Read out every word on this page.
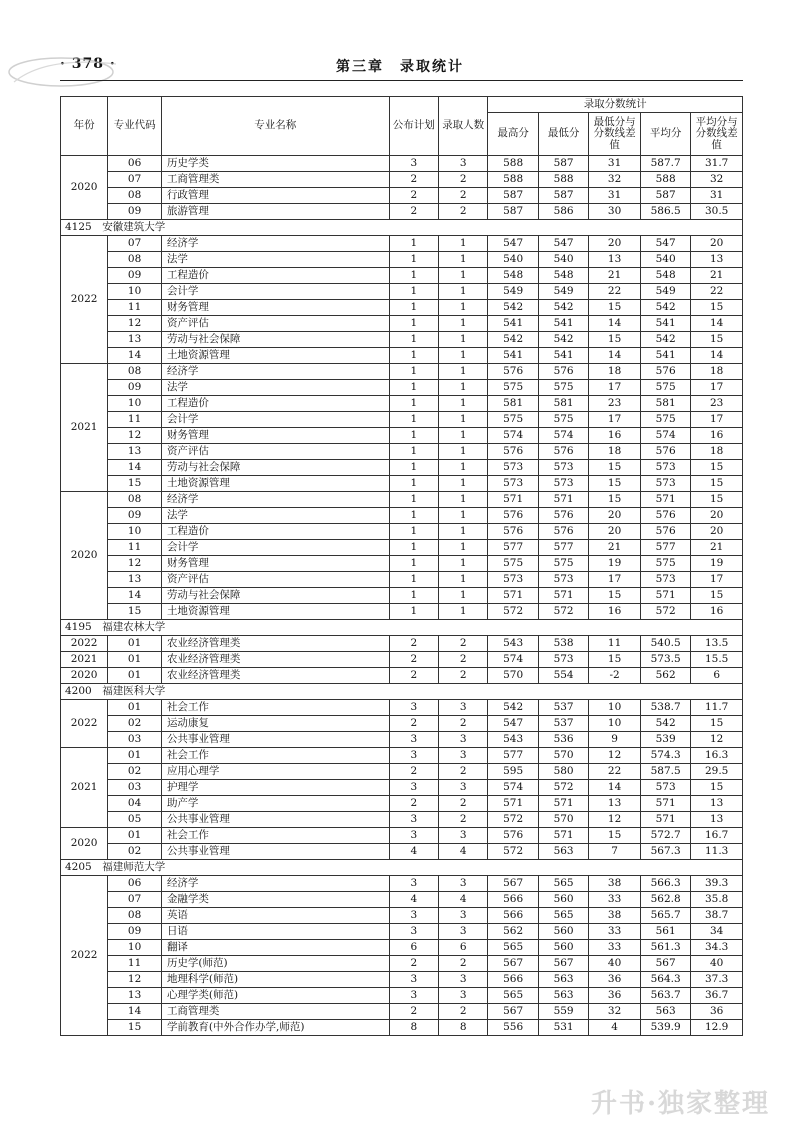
· 378 ·	第三章　录取统计
年份	专业代码	专业名称	公布计划	录取人数	录取分数统计				
					最高分	最低分	最低分与分数线差值	平均分	平均分与分数线差值
2020	06	历史学类	3	3	588	587	31	587.7	31.7
	07	工商管理类	2	2	588	588	32	588	32
	08	行政管理	2	2	587	587	31	587	31
	09	旅游管理	2	2	587	586	30	586.5	30.5
4125　安徽建筑大学									
2022	07	经济学	1	1	547	547	20	547	20
	08	法学	1	1	540	540	13	540	13
	09	工程造价	1	1	548	548	21	548	21
	10	会计学	1	1	549	549	22	549	22
	11	财务管理	1	1	542	542	15	542	15
	12	资产评估	1	1	541	541	14	541	14
	13	劳动与社会保障	1	1	542	542	15	542	15
	14	土地资源管理	1	1	541	541	14	541	14
2021	08	经济学	1	1	576	576	18	576	18
	09	法学	1	1	575	575	17	575	17
	10	工程造价	1	1	581	581	23	581	23
	11	会计学	1	1	575	575	17	575	17
	12	财务管理	1	1	574	574	16	574	16
	13	资产评估	1	1	576	576	18	576	18
	14	劳动与社会保障	1	1	573	573	15	573	15
	15	土地资源管理	1	1	573	573	15	573	15
2020	08	经济学	1	1	571	571	15	571	15
	09	法学	1	1	576	576	20	576	20
	10	工程造价	1	1	576	576	20	576	20
	11	会计学	1	1	577	577	21	577	21
	12	财务管理	1	1	575	575	19	575	19
	13	资产评估	1	1	573	573	17	573	17
	14	劳动与社会保障	1	1	571	571	15	571	15
	15	土地资源管理	1	1	572	572	16	572	16
4195　福建农林大学									
2022	01	农业经济管理类	2	2	543	538	11	540.5	13.5
2021	01	农业经济管理类	2	2	574	573	15	573.5	15.5
2020	01	农业经济管理类	2	2	570	554	-2	562	6
4200　福建医科大学									
2022	01	社会工作	3	3	542	537	10	538.7	11.7
	02	运动康复	2	2	547	537	10	542	15
	03	公共事业管理	3	3	543	536	9	539	12
2021	01	社会工作	3	3	577	570	12	574.3	16.3
	02	应用心理学	2	2	595	580	22	587.5	29.5
	03	护理学	3	3	574	572	14	573	15
	04	助产学	2	2	571	571	13	571	13
	05	公共事业管理	3	2	572	570	12	571	13
2020	01	社会工作	3	3	576	571	15	572.7	16.7
	02	公共事业管理	4	4	572	563	7	567.3	11.3
4205　福建师范大学									
2022	06	经济学	3	3	567	565	38	566.3	39.3
	07	金融学类	4	4	566	560	33	562.8	35.8
	08	英语	3	3	566	565	38	565.7	38.7
	09	日语	3	3	562	560	33	561	34
	10	翻译	6	6	565	560	33	561.3	34.3
	11	历史学(师范)	2	2	567	567	40	567	40
	12	地理科学(师范)	3	3	566	563	36	564.3	37.3
	13	心理学类(师范)	3	3	565	563	36	563.7	36.7
	14	工商管理类	2	2	567	559	32	563	36
	15	学前教育(中外合作办学,师范)	8	8	556	531	4	539.9	12.9
升书·独家整理
